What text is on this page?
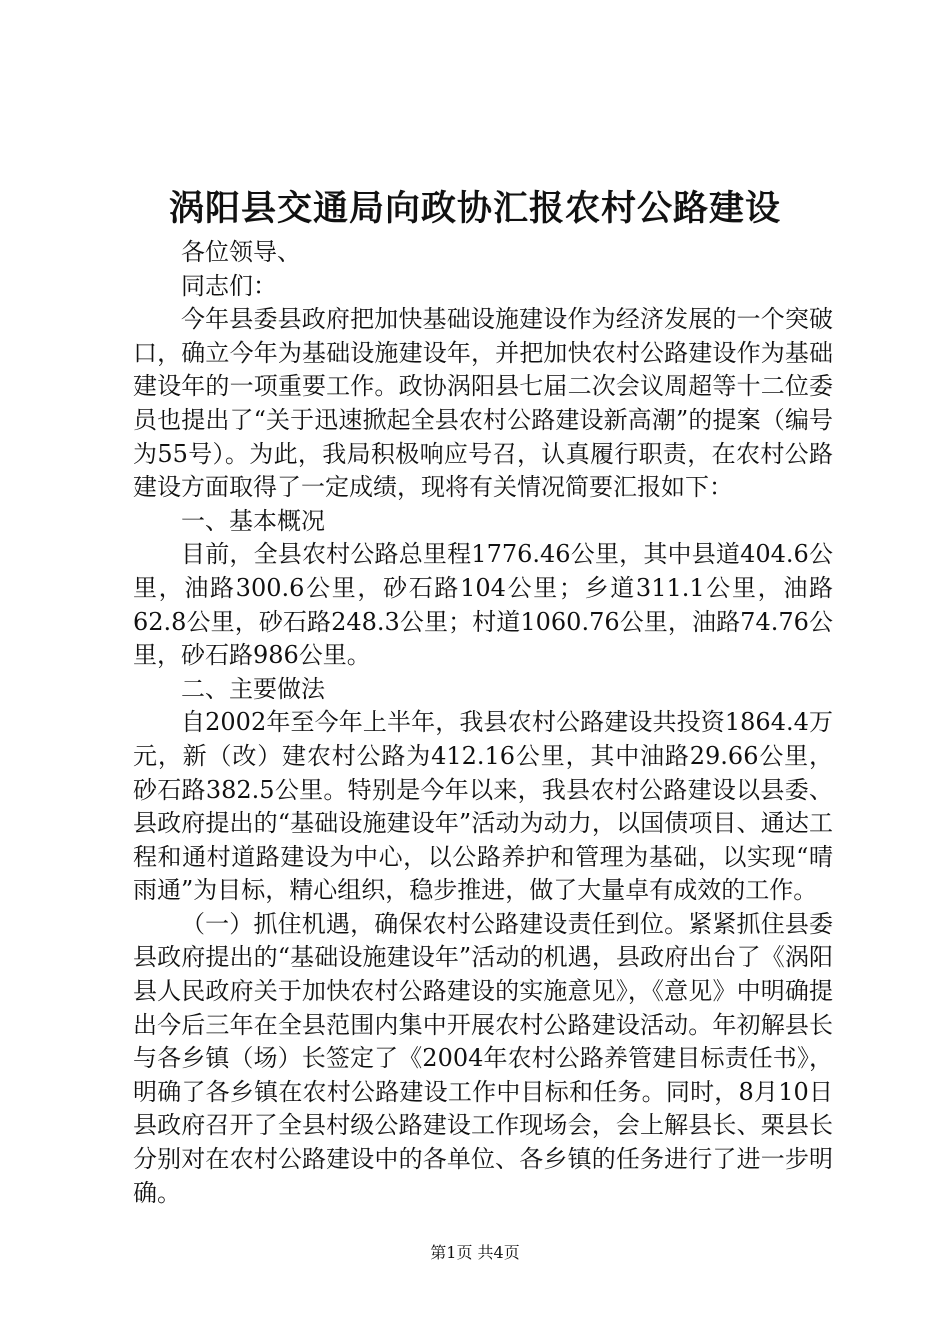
涡阳县交通局向政协汇报农村公路建设

各位领导、

同志们：

今年县委县政府把加快基础设施建设作为经济发展的一个突破口，确立今年为基础设施建设年，并把加快农村公路建设作为基础建设年的一项重要工作。政协涡阳县七届二次会议周超等十二位委员也提出了“关于迅速掀起全县农村公路建设新高潮”的提案（编号为55号）。为此，我局积极响应号召，认真履行职责，在农村公路建设方面取得了一定成绩，现将有关情况简要汇报如下：

一、基本概况

目前，全县农村公路总里程1776.46公里，其中县道404.6公里，油路300.6公里，砂石路104公里；乡道311.1公里，油路62.8公里，砂石路248.3公里；村道1060.76公里，油路74.76公里，砂石路986公里。

二、主要做法

自2002年至今年上半年，我县农村公路建设共投资1864.4万元，新（改）建农村公路为412.16公里，其中油路29.66公里，砂石路382.5公里。特别是今年以来，我县农村公路建设以县委、县政府提出的“基础设施建设年”活动为动力，以国债项目、通达工程和通村道路建设为中心，以公路养护和管理为基础，以实现“晴雨通”为目标，精心组织，稳步推进，做了大量卓有成效的工作。

（一）抓住机遇，确保农村公路建设责任到位。紧紧抓住县委县政府提出的“基础设施建设年”活动的机遇，县政府出台了《涡阳县人民政府关于加快农村公路建设的实施意见》，《意见》中明确提出今后三年在全县范围内集中开展农村公路建设活动。年初解县长与各乡镇（场）长签定了《2004年农村公路养管建目标责任书》，明确了各乡镇在农村公路建设工作中目标和任务。同时，8月10日县政府召开了全县村级公路建设工作现场会，会上解县长、栗县长分别对在农村公路建设中的各单位、各乡镇的任务进行了进一步明确。

第1页 共4页
